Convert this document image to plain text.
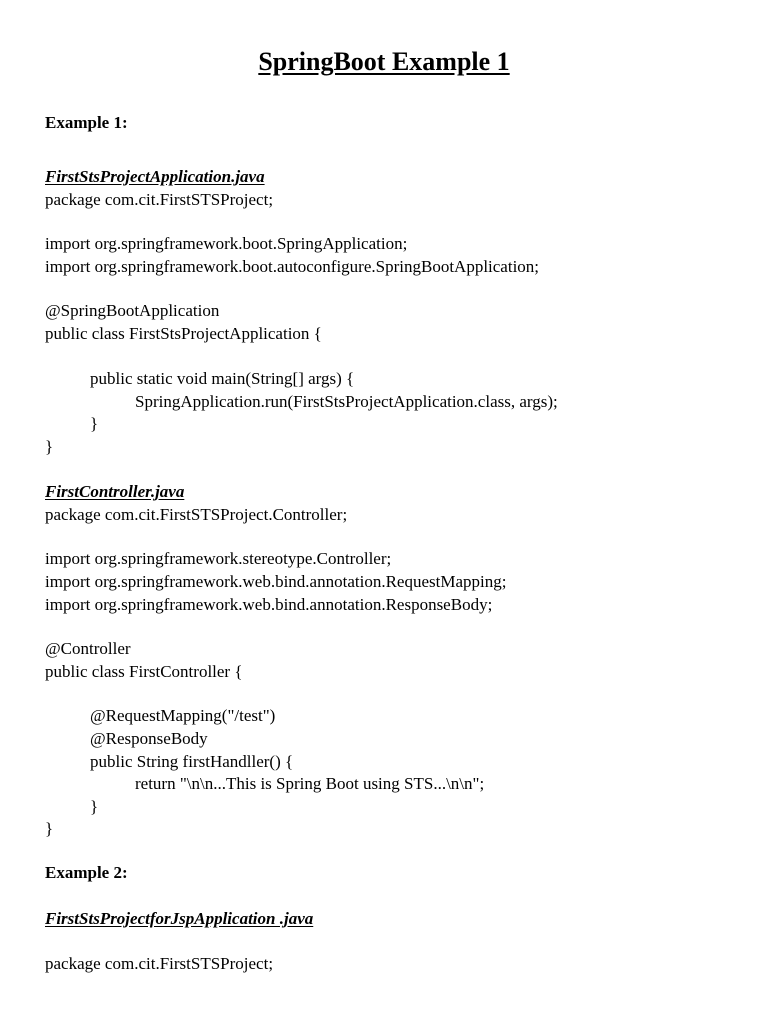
SpringBoot Example 1
Example 1:
FirstStsProjectApplication.java
package com.cit.FirstSTSProject;
import org.springframework.boot.SpringApplication;
import org.springframework.boot.autoconfigure.SpringBootApplication;
@SpringBootApplication
public class FirstStsProjectApplication {
public static void main(String[] args) {
SpringApplication.run(FirstStsProjectApplication.class, args);
}
}
FirstController.java
package com.cit.FirstSTSProject.Controller;
import org.springframework.stereotype.Controller;
import org.springframework.web.bind.annotation.RequestMapping;
import org.springframework.web.bind.annotation.ResponseBody;
@Controller
public class FirstController {
@RequestMapping("/test")
@ResponseBody
public String firstHandller() {
return "\n\n...This is Spring Boot using STS...\n\n";
}
}
Example 2:
FirstStsProjectforJspApplication .java
package com.cit.FirstSTSProject;
